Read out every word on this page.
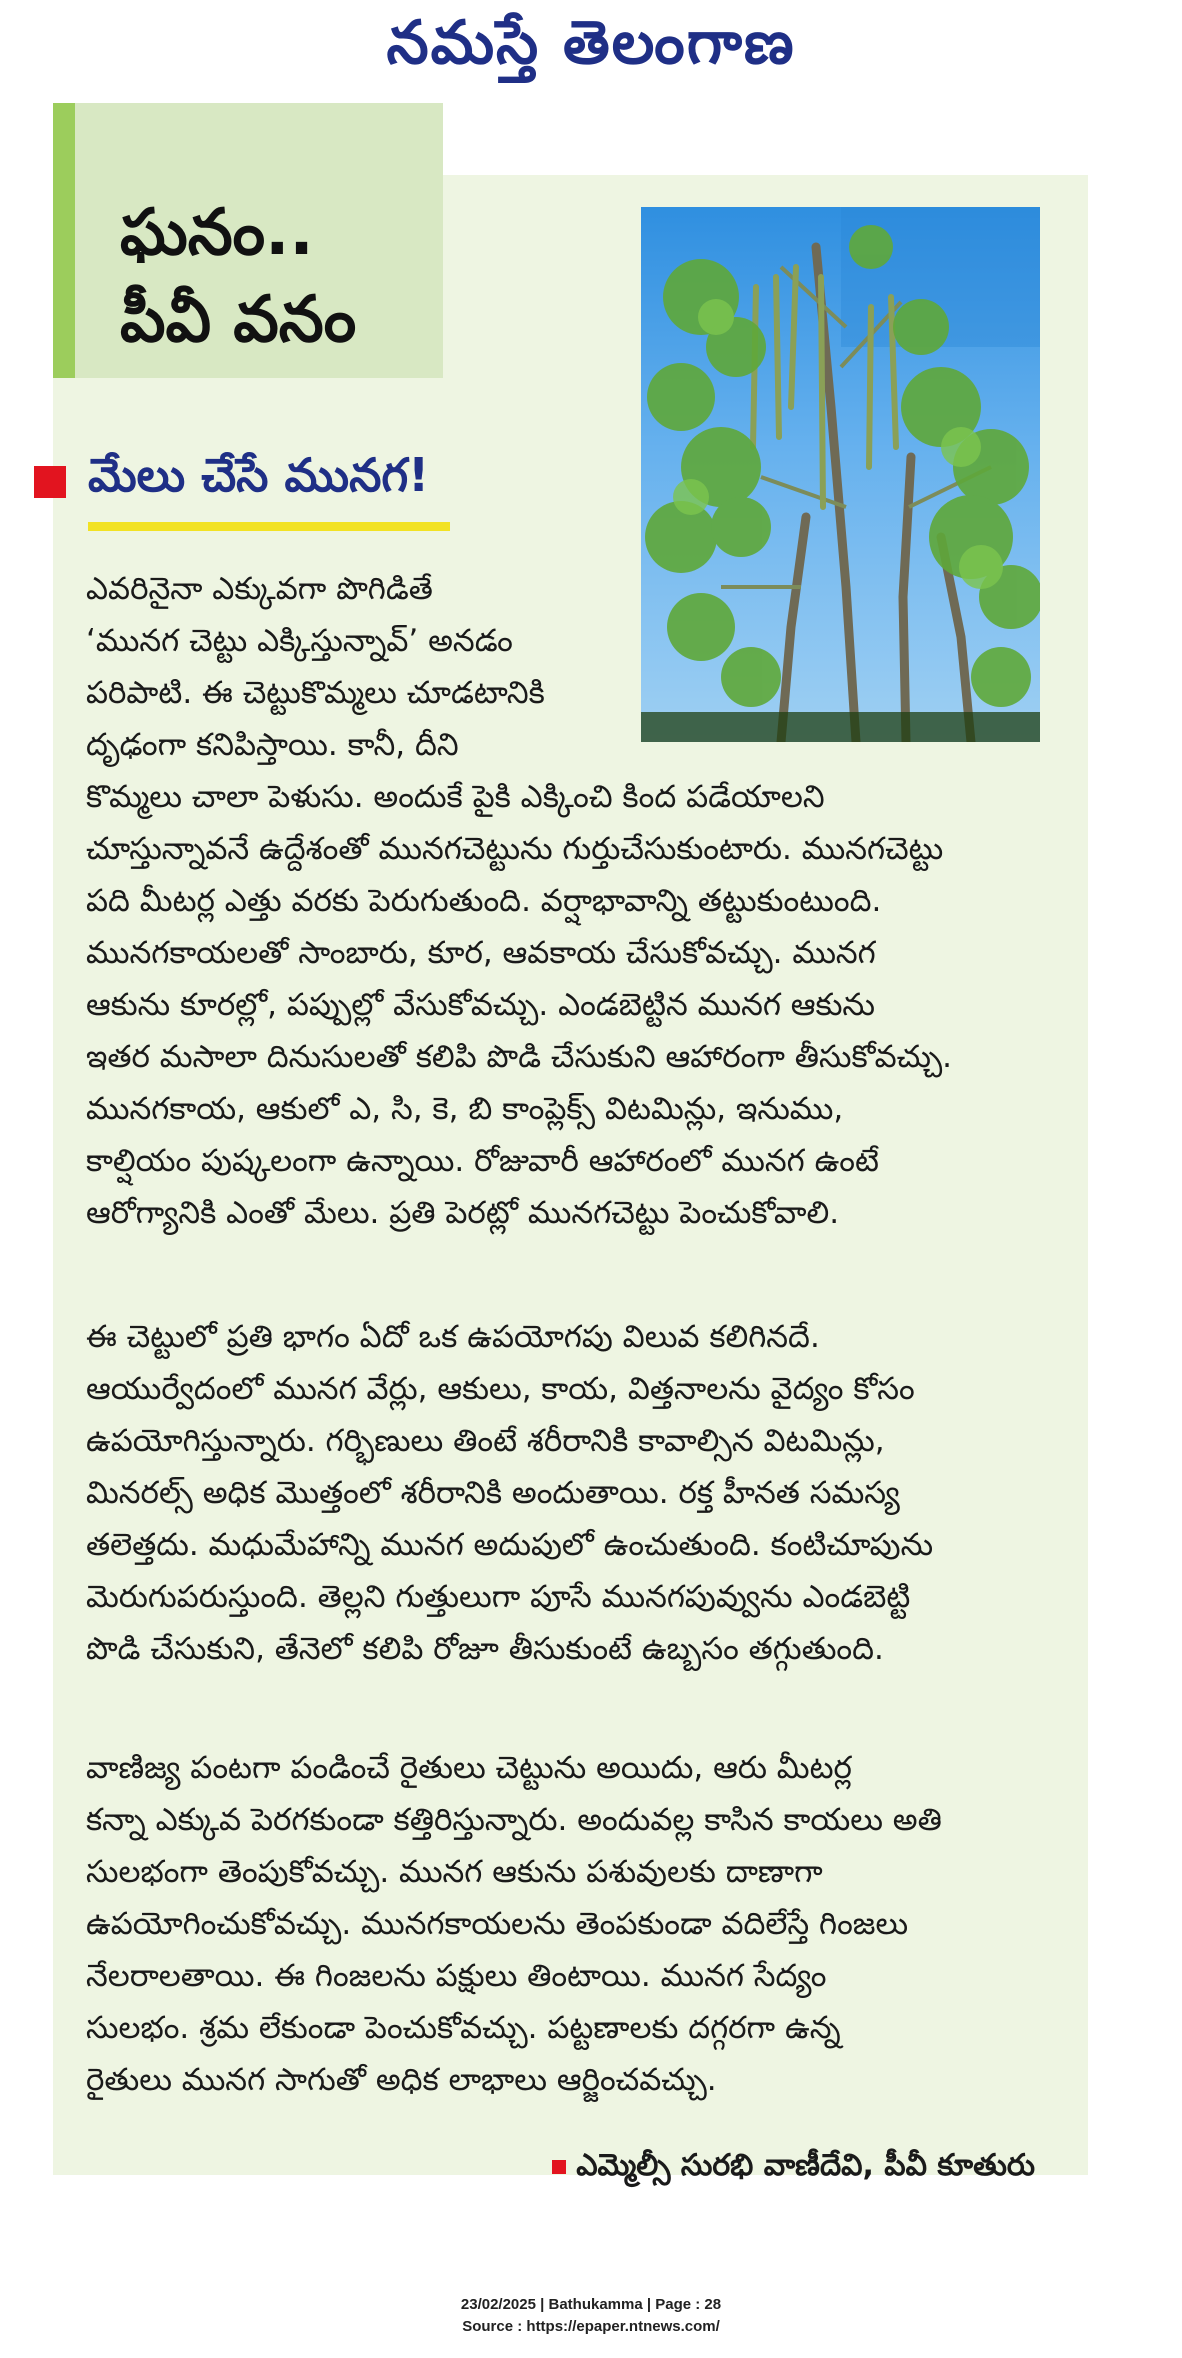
నమస్తే తెలంగాణ
ఘనం..
పీవీ వనం
మేలు చేసే మునగ!
ఎవరినైనా ఎక్కువగా పొగిడితే
‘మునగ చెట్టు ఎక్కిస్తున్నావ్’ అనడం
పరిపాటి. ఈ చెట్టుకొమ్మలు చూడటానికి
దృఢంగా కనిపిస్తాయి. కానీ, దీని
కొమ్మలు చాలా పెళుసు. అందుకే పైకి ఎక్కించి కింద పడేయాలని
చూస్తున్నావనే ఉద్దేశంతో మునగచెట్టును గుర్తుచేసుకుంటారు. మునగచెట్టు
పది మీటర్ల ఎత్తు వరకు పెరుగుతుంది. వర్షాభావాన్ని తట్టుకుంటుంది.
మునగకాయలతో సాంబారు, కూర, ఆవకాయ చేసుకోవచ్చు. మునగ
ఆకును కూరల్లో, పప్పుల్లో వేసుకోవచ్చు. ఎండబెట్టిన మునగ ఆకును
ఇతర మసాలా దినుసులతో కలిపి పొడి చేసుకుని ఆహారంగా తీసుకోవచ్చు.
మునగకాయ, ఆకులో ఎ, సి, కె, బి కాంప్లెక్స్ విటమిన్లు, ఇనుము,
కాల్షియం పుష్కలంగా ఉన్నాయి. రోజువారీ ఆహారంలో మునగ ఉంటే
ఆరోగ్యానికి ఎంతో మేలు. ప్రతి పెరట్లో మునగచెట్టు పెంచుకోవాలి.
ఈ చెట్టులో ప్రతి భాగం ఏదో ఒక ఉపయోగపు విలువ కలిగినదే.
ఆయుర్వేదంలో మునగ వేర్లు, ఆకులు, కాయ, విత్తనాలను వైద్యం కోసం
ఉపయోగిస్తున్నారు. గర్భిణులు తింటే శరీరానికి కావాల్సిన విటమిన్లు,
మినరల్స్ అధిక మొత్తంలో శరీరానికి అందుతాయి. రక్త హీనత సమస్య
తలెత్తదు. మధుమేహాన్ని మునగ అదుపులో ఉంచుతుంది. కంటిచూపును
మెరుగుపరుస్తుంది. తెల్లని గుత్తులుగా పూసే మునగపువ్వును ఎండబెట్టి
పొడి చేసుకుని, తేనెలో కలిపి రోజూ తీసుకుంటే ఉబ్బసం తగ్గుతుంది.
వాణిజ్య పంటగా పండించే రైతులు చెట్టును అయిదు, ఆరు మీటర్ల
కన్నా ఎక్కువ పెరగకుండా కత్తిరిస్తున్నారు. అందువల్ల కాసిన కాయలు అతి
సులభంగా తెంపుకోవచ్చు. మునగ ఆకును పశువులకు దాణాగా
ఉపయోగించుకోవచ్చు. మునగకాయలను తెంపకుండా వదిలేస్తే గింజలు
నేలరాలతాయి. ఈ గింజలను పక్షులు తింటాయి. మునగ సేద్యం
సులభం. శ్రమ లేకుండా పెంచుకోవచ్చు. పట్టణాలకు దగ్గరగా ఉన్న
రైతులు మునగ సాగుతో అధిక లాభాలు ఆర్జించవచ్చు.
ఎమ్మెల్సీ సురభి వాణీదేవి, పీవీ కూతురు
23/02/2025 | Bathukamma | Page : 28
Source : https://epaper.ntnews.com/
